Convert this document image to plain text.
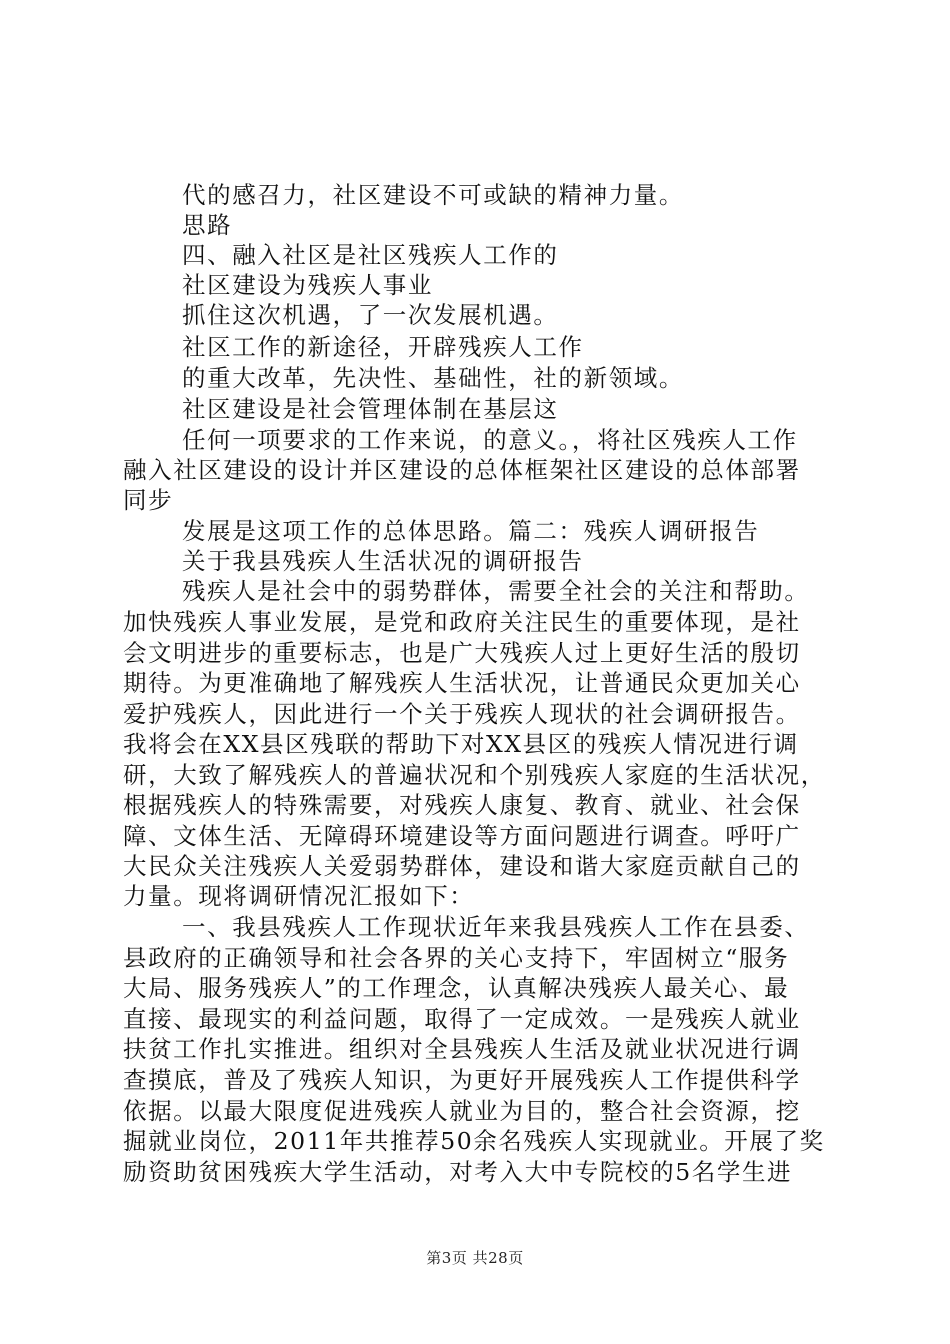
代的感召力，社区建设不可或缺的精神力量。
思路
四、融入社区是社区残疾人工作的
社区建设为残疾人事业
抓住这次机遇，了一次发展机遇。
社区工作的新途径，开辟残疾人工作
的重大改革，先决性、基础性，社的新领域。
社区建设是社会管理体制在基层这
任何一项要求的工作来说，的意义。，将社区残疾人工作
融入社区建设的设计并区建设的总体框架社区建设的总体部署
同步
发展是这项工作的总体思路。篇二：残疾人调研报告
关于我县残疾人生活状况的调研报告
残疾人是社会中的弱势群体，需要全社会的关注和帮助。
加快残疾人事业发展，是党和政府关注民生的重要体现，是社
会文明进步的重要标志，也是广大残疾人过上更好生活的殷切
期待。为更准确地了解残疾人生活状况，让普通民众更加关心
爱护残疾人，因此进行一个关于残疾人现状的社会调研报告。
我将会在XX县区残联的帮助下对XX县区的残疾人情况进行调
研，大致了解残疾人的普遍状况和个别残疾人家庭的生活状况，
根据残疾人的特殊需要，对残疾人康复、教育、就业、社会保
障、文体生活、无障碍环境建设等方面问题进行调查。呼吁广
大民众关注残疾人关爱弱势群体，建设和谐大家庭贡献自己的
力量。现将调研情况汇报如下：
一、我县残疾人工作现状近年来我县残疾人工作在县委、
县政府的正确领导和社会各界的关心支持下，牢固树立“服务
大局、服务残疾人”的工作理念，认真解决残疾人最关心、最
直接、最现实的利益问题，取得了一定成效。一是残疾人就业
扶贫工作扎实推进。组织对全县残疾人生活及就业状况进行调
查摸底，普及了残疾人知识，为更好开展残疾人工作提供科学
依据。以最大限度促进残疾人就业为目的，整合社会资源，挖
掘就业岗位，2011年共推荐50余名残疾人实现就业。开展了奖
励资助贫困残疾大学生活动，对考入大中专院校的5名学生进
第3页 共28页
